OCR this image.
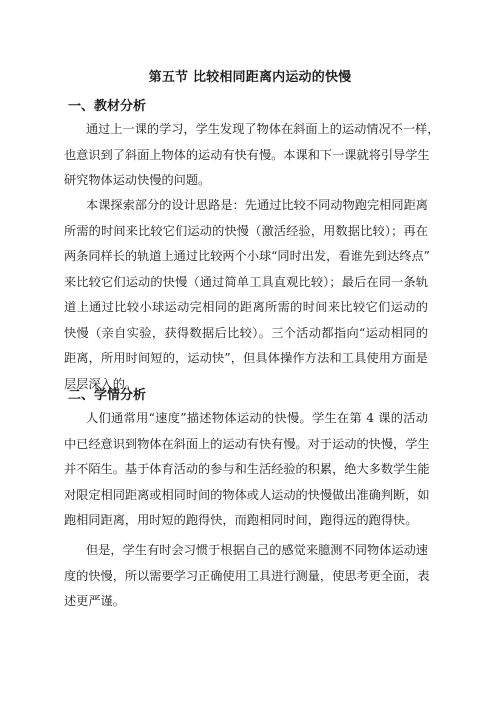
第五节 比较相同距离内运动的快慢
一、教材分析
通过上一课的学习，学生发现了物体在斜面上的运动情况不一样，
也意识到了斜面上物体的运动有快有慢。本课和下一课就将引导学生
研究物体运动快慢的问题。
本课探索部分的设计思路是：先通过比较不同动物跑完相同距离
所需的时间来比较它们运动的快慢（激活经验，用数据比较）；再在
两条同样长的轨道上通过比较两个小球“同时出发，看谁先到达终点”
来比较它们运动的快慢（通过简单工具直观比较）；最后在同一条轨
道上通过比较小球运动完相同的距离所需的时间来比较它们运动的
快慢（亲自实验，获得数据后比较）。三个活动都指向“运动相同的
距离，所用时间短的，运动快”，但具体操作方法和工具使用方面是
层层深入的。
二、学情分析
人们通常用“速度”描述物体运动的快慢。学生在第 4 课的活动
中已经意识到物体在斜面上的运动有快有慢。对于运动的快慢，学生
并不陌生。基于体育活动的参与和生活经验的积累，绝大多数学生能
对限定相同距离或相同时间的物体或人运动的快慢做出准确判断，如
跑相同距离，用时短的跑得快，而跑相同时间，跑得远的跑得快。
但是，学生有时会习惯于根据自己的感觉来臆测不同物体运动速
度的快慢，所以需要学习正确使用工具进行测量，使思考更全面，表
述更严谨。
